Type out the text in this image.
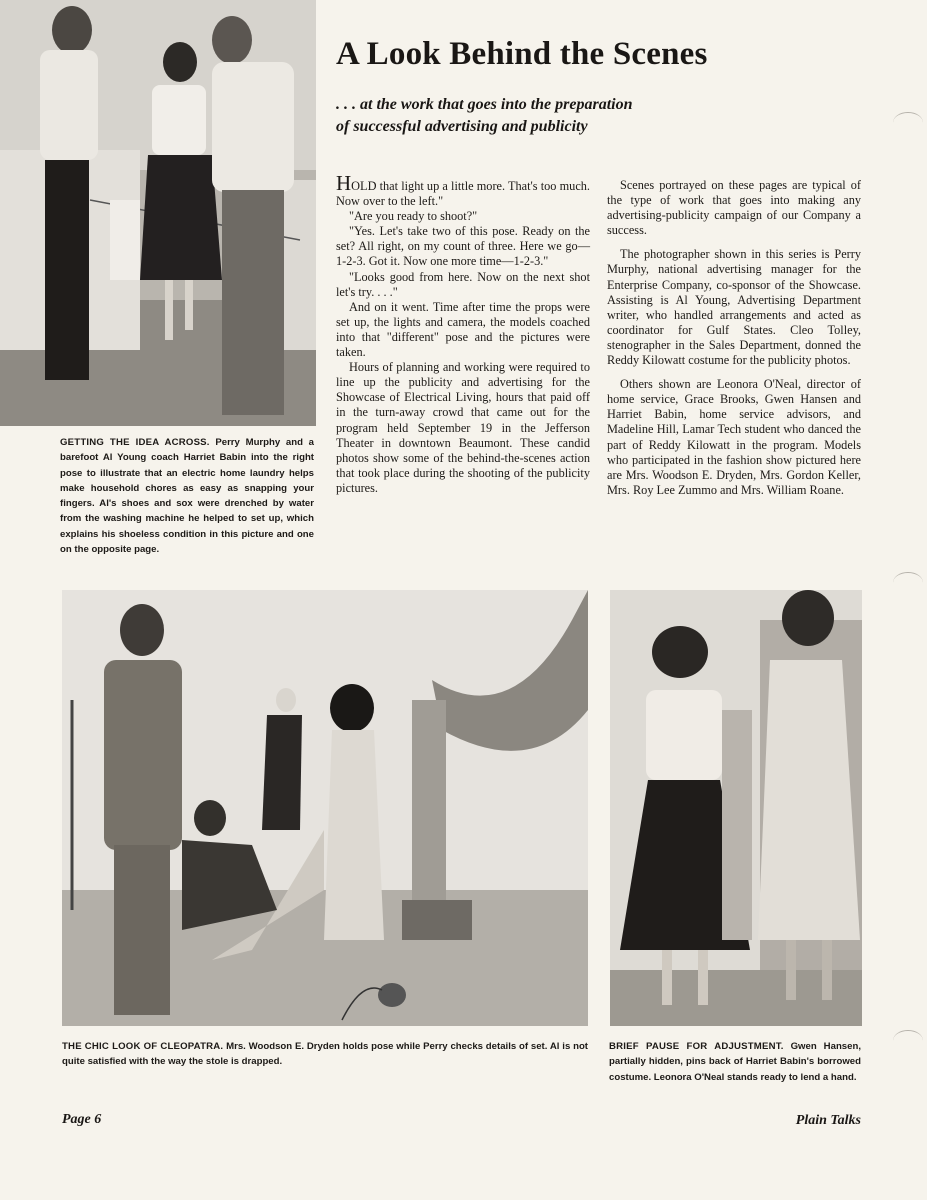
A Look Behind the Scenes
. . . at the work that goes into the preparation of successful advertising and publicity

HOLD that light up a little more. That's too much. Now over to the left."

"Are you ready to shoot?"

"Yes. Let's take two of this pose. Ready on the set? All right, on my count of three. Here we go—1-2-3. Got it. Now one more time—1-2-3."

"Looks good from here. Now on the next shot let's try. . . ."

And on it went. Time after time the props were set up, the lights and camera, the models coached into that "different" pose and the pictures were taken.

Hours of planning and working were required to line up the publicity and advertising for the Showcase of Electrical Living, hours that paid off in the turn-away crowd that came out for the program held September 19 in the Jefferson Theater in downtown Beaumont. These candid photos show some of the behind-the-scenes action that took place during the shooting of the publicity pictures.

Scenes portrayed on these pages are typical of the type of work that goes into making any advertising-publicity campaign of our Company a success.

The photographer shown in this series is Perry Murphy, national advertising manager for the Enterprise Company, co-sponsor of the Showcase. Assisting is Al Young, Advertising Department writer, who handled arrangements and acted as coordinator for Gulf States. Cleo Tolley, stenographer in the Sales Department, donned the Reddy Kilowatt costume for the publicity photos.

Others shown are Leonora O'Neal, director of home service, Grace Brooks, Gwen Hansen and Harriet Babin, home service advisors, and Madeline Hill, Lamar Tech student who danced the part of Reddy Kilowatt in the program. Models who participated in the fashion show pictured here are Mrs. Woodson E. Dryden, Mrs. Gordon Keller, Mrs. Roy Lee Zummo and Mrs. William Roane.

GETTING THE IDEA ACROSS. Perry Murphy and a barefoot Al Young coach Harriet Babin into the right pose to illustrate that an electric home laundry helps make household chores as easy as snapping your fingers. Al's shoes and sox were drenched by water from the washing machine he helped to set up, which explains his shoeless condition in this picture and one on the opposite page.
THE CHIC LOOK OF CLEOPATRA. Mrs. Woodson E. Dryden holds pose while Perry checks details of set. Al is not quite satisfied with the way the stole is drapped.
BRIEF PAUSE FOR ADJUSTMENT. Gwen Hansen, partially hidden, pins back of Harriet Babin's borrowed costume. Leonora O'Neal stands ready to lend a hand.
Page 6	Plain Talks
